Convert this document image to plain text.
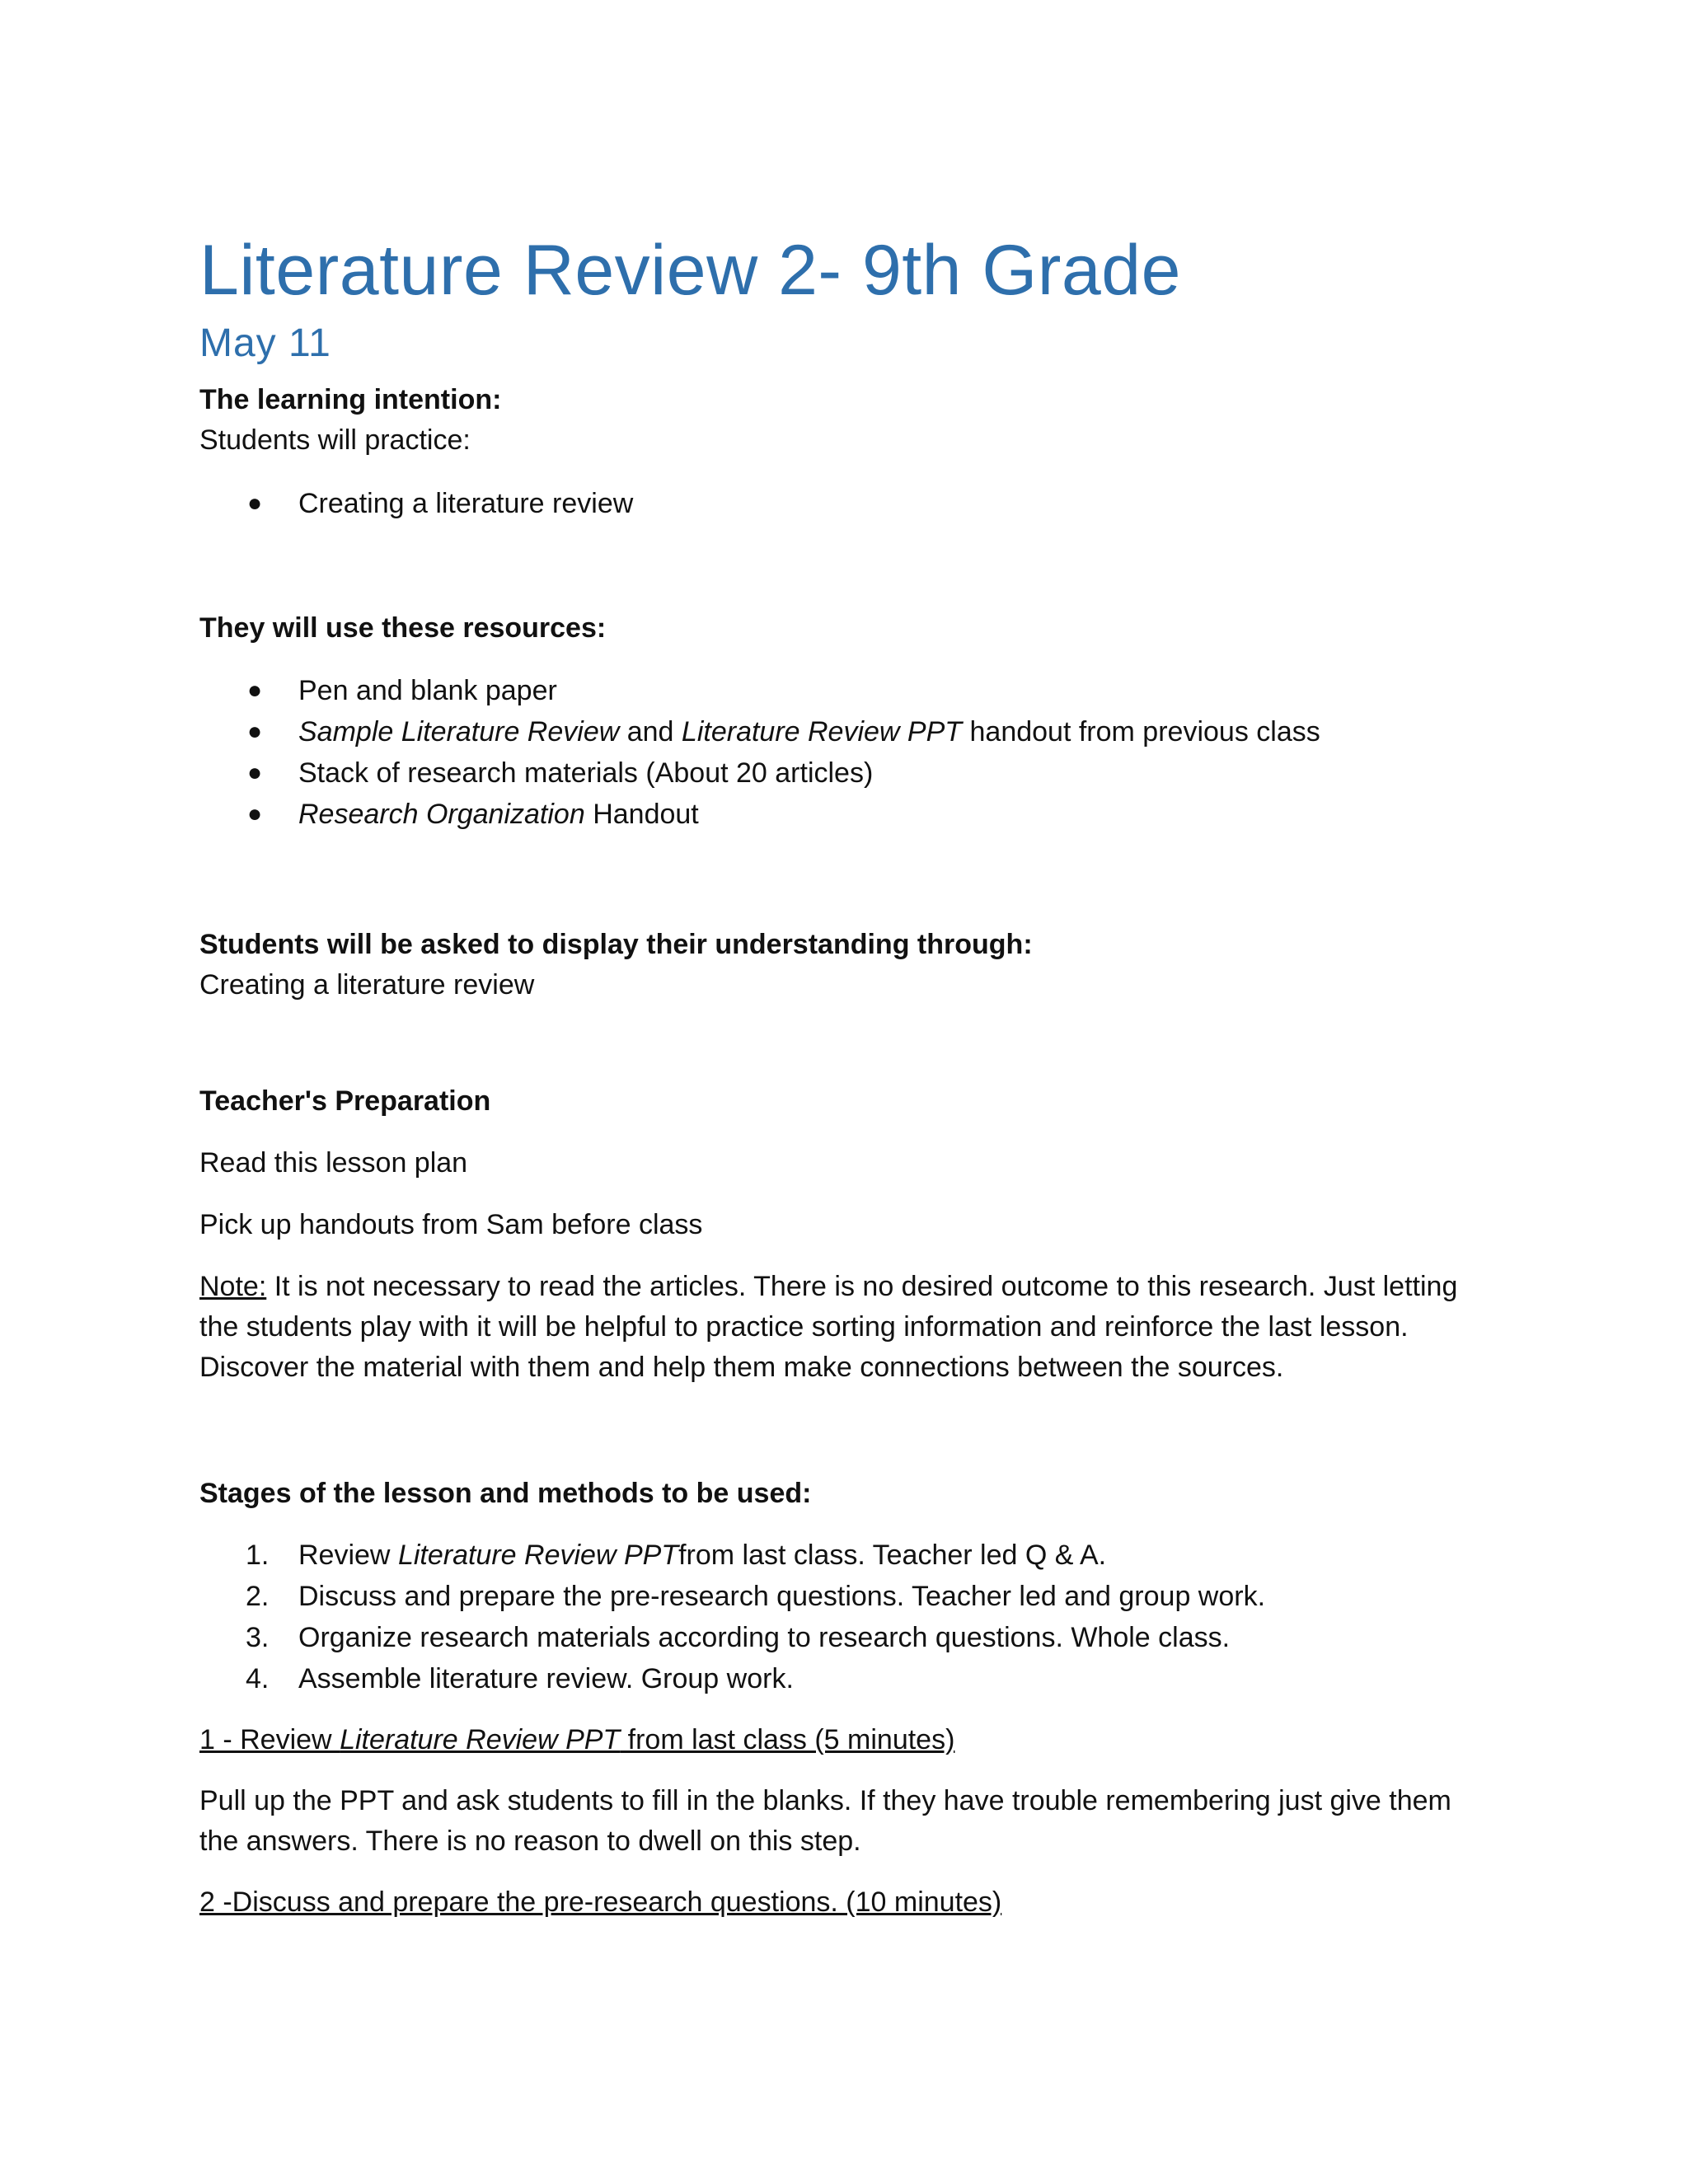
Literature Review 2- 9th Grade
May 11
The learning intention:
Students will practice:
● Creating a literature review
They will use these resources:
● Pen and blank paper
● Sample Literature Review and Literature Review PPT handout from previous class
● Stack of research materials (About 20 articles)
● Research Organization Handout
Students will be asked to display their understanding through:
Creating a literature review
Teacher's Preparation
Read this lesson plan
Pick up handouts from Sam before class
Note: It is not necessary to read the articles. There is no desired outcome to this research. Just letting the students play with it will be helpful to practice sorting information and reinforce the last lesson. Discover the material with them and help them make connections between the sources.
Stages of the lesson and methods to be used:
1. Review Literature Review PPTfrom last class. Teacher led Q & A.
2. Discuss and prepare the pre-research questions. Teacher led and group work.
3. Organize research materials according to research questions. Whole class.
4. Assemble literature review. Group work.
1 - Review Literature Review PPT from last class (5 minutes)
Pull up the PPT and ask students to fill in the blanks. If they have trouble remembering just give them the answers. There is no reason to dwell on this step.
2 -Discuss and prepare the pre-research questions. (10 minutes)
